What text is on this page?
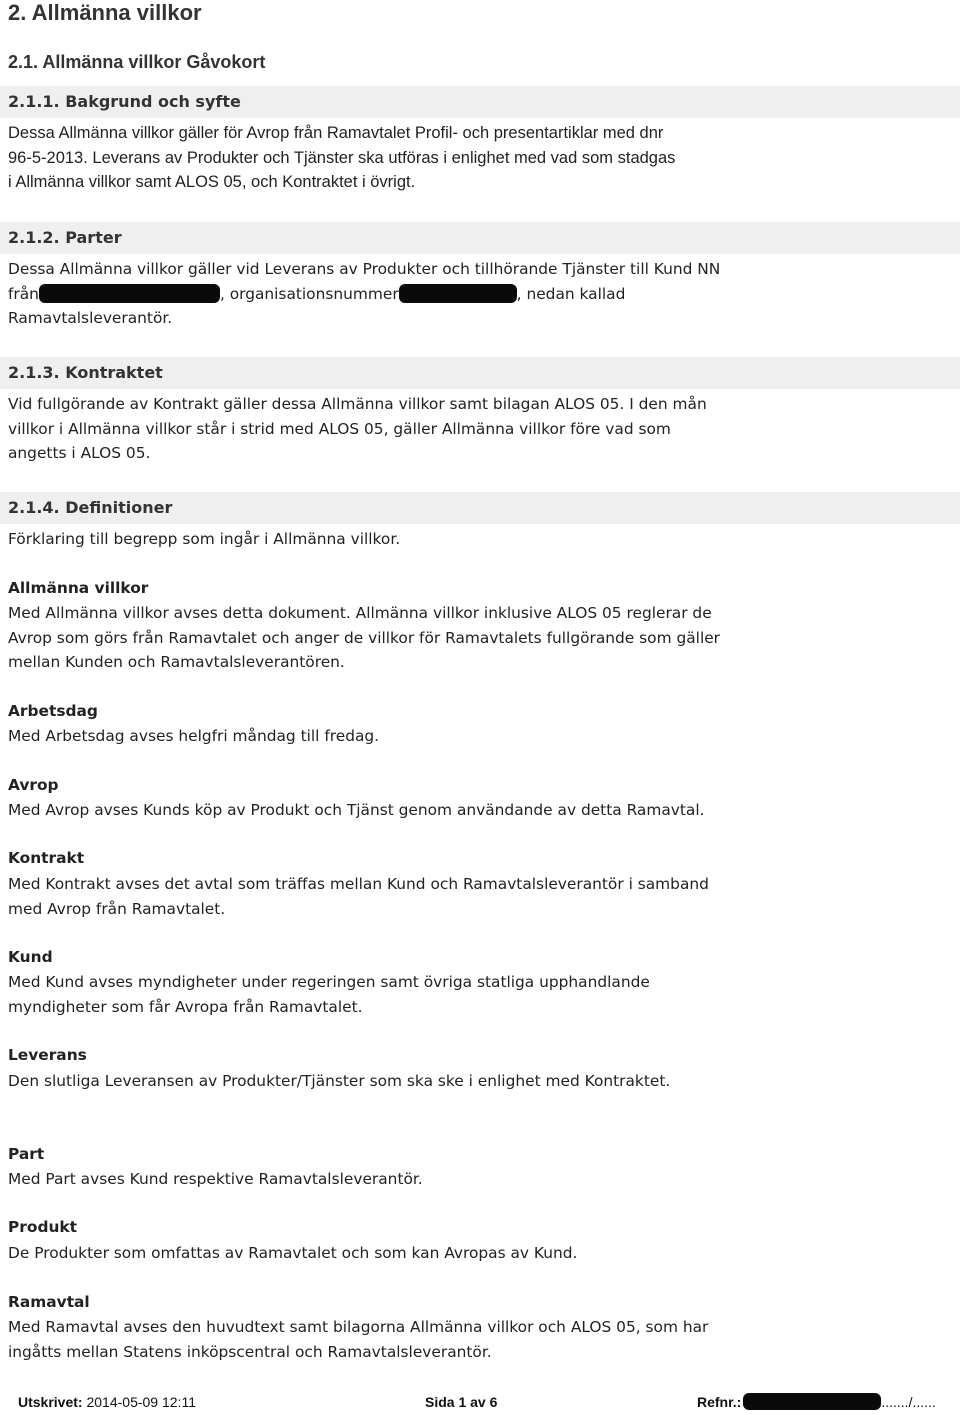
2. Allmänna villkor
2.1. Allmänna villkor Gåvokort
2.1.1. Bakgrund och syfte
Dessa Allmänna villkor gäller för Avrop från Ramavtalet Profil- och presentartiklar med dnr
96-5-2013. Leverans av Produkter och Tjänster ska utföras i enlighet med vad som stadgas
i Allmänna villkor samt ALOS 05, och Kontraktet i övrigt.
2.1.2. Parter
Dessa Allmänna villkor gäller vid Leverans av Produkter och tillhörande Tjänster till Kund NN
från	, organisationsnummer	, nedan kallad
Ramavtalsleverantör.
2.1.3. Kontraktet
Vid fullgörande av Kontrakt gäller dessa Allmänna villkor samt bilagan ALOS 05. I den mån
villkor i Allmänna villkor står i strid med ALOS 05, gäller Allmänna villkor före vad som
angetts i ALOS 05.
2.1.4. Definitioner
Förklaring till begrepp som ingår i Allmänna villkor.
Allmänna villkor
Med Allmänna villkor avses detta dokument. Allmänna villkor inklusive ALOS 05 reglerar de
Avrop som görs från Ramavtalet och anger de villkor för Ramavtalets fullgörande som gäller
mellan Kunden och Ramavtalsleverantören.
Arbetsdag
Med Arbetsdag avses helgfri måndag till fredag.
Avrop
Med Avrop avses Kunds köp av Produkt och Tjänst genom användande av detta Ramavtal.
Kontrakt
Med Kontrakt avses det avtal som träffas mellan Kund och Ramavtalsleverantör i samband
med Avrop från Ramavtalet.
Kund
Med Kund avses myndigheter under regeringen samt övriga statliga upphandlande
myndigheter som får Avropa från Ramavtalet.
Leverans
Den slutliga Leveransen av Produkter/Tjänster som ska ske i enlighet med Kontraktet.
Part
Med Part avses Kund respektive Ramavtalsleverantör.
Produkt
De Produkter som omfattas av Ramavtalet och som kan Avropas av Kund.
Ramavtal
Med Ramavtal avses den huvudtext samt bilagorna Allmänna villkor och ALOS 05, som har
ingåtts mellan Statens inköpscentral och Ramavtalsleverantör.
Utskrivet: 2014-05-09 12:11	Sida 1 av 6	Refnr.:	......./......
